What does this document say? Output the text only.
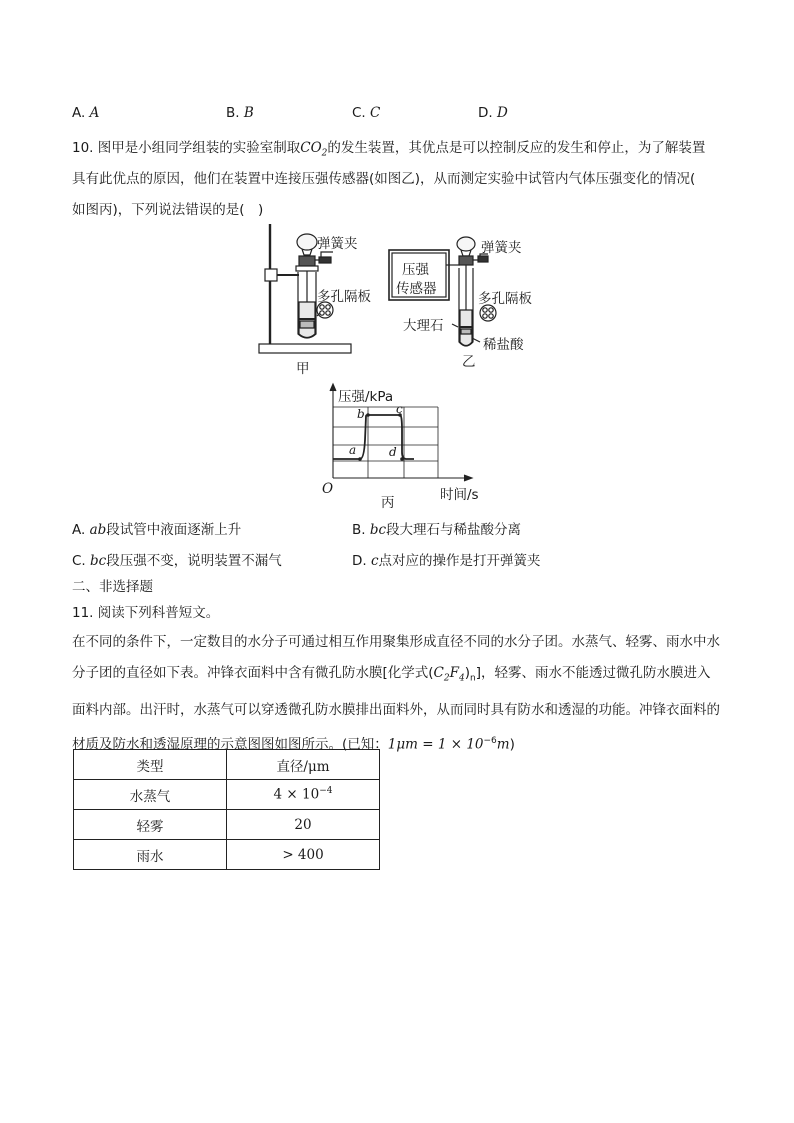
A. A	B. B	C. C	D. D
10. 图甲是小组同学组装的实验室制取$CO_2$的发生装置，其优点是可以控制反应的发生和停止，为了解装置
具有此优点的原因，他们在装置中连接压强传感器(如图乙)，从而测定实验中试管内气体压强变化的情况(
如图丙)，下列说法错误的是(　)
弹簧夹
多孔隔板
甲
压强
传感器
弹簧夹
多孔隔板
大理石
稀盐酸
乙
压强/kPa
时间/s
O
a
b	c
d
丙
A. ab段试管中液面逐渐上升	B. bc段大理石与稀盐酸分离
C. bc段压强不变，说明装置不漏气	D. c点对应的操作是打开弹簧夹
二、非选择题
11. 阅读下列科普短文。
在不同的条件下，一定数目的水分子可通过相互作用聚集形成直径不同的水分子团。水蒸气、轻雾、雨水中水分子团的直径如下表。冲锋衣面料中含有微孔防水膜[化学式$(C_2F_4)_n$]，轻雾、雨水不能透过微孔防水膜进入面料内部。出汗时，水蒸气可以穿透微孔防水膜排出面料外，从而同时具有防水和透湿的功能。冲锋衣面料的材质及防水和透湿原理的示意图图如图所示。(已知：$1\mu m = 1 \times 10^{-6}m$)
类型	直径/μm
水蒸气	$4 \times 10^{-4}$
轻雾	20
雨水	> 400
